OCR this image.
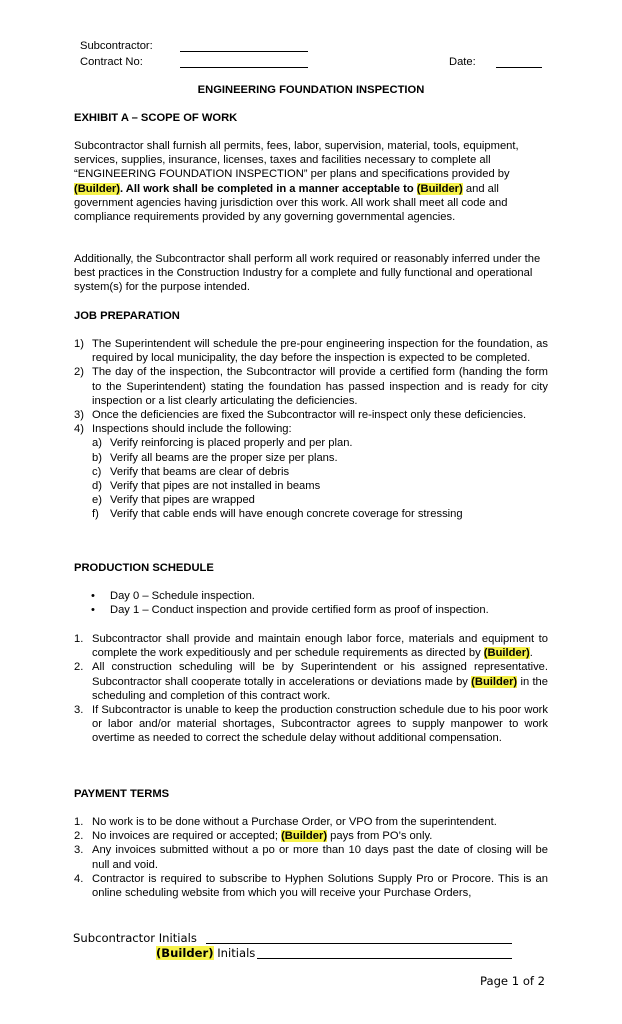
Subcontractor:
Contract No:	Date:
ENGINEERING FOUNDATION INSPECTION
EXHIBIT A – SCOPE OF WORK
Subcontractor shall furnish all permits, fees, labor, supervision, material, tools, equipment, services, supplies, insurance, licenses, taxes and facilities necessary to complete all “ENGINEERING FOUNDATION INSPECTION” per plans and specifications provided by (Builder). All work shall be completed in a manner acceptable to (Builder) and all government agencies having jurisdiction over this work. All work shall meet all code and compliance requirements provided by any governing governmental agencies.
Additionally, the Subcontractor shall perform all work required or reasonably inferred under the best practices in the Construction Industry for a complete and fully functional and operational system(s) for the purpose intended.
JOB PREPARATION
1) The Superintendent will schedule the pre-pour engineering inspection for the foundation, as required by local municipality, the day before the inspection is expected to be completed.
2) The day of the inspection, the Subcontractor will provide a certified form (handing the form to the Superintendent) stating the foundation has passed inspection and is ready for city inspection or a list clearly articulating the deficiencies.
3) Once the deficiencies are fixed the Subcontractor will re-inspect only these deficiencies.
4) Inspections should include the following:
a) Verify reinforcing is placed properly and per plan.
b) Verify all beams are the proper size per plans.
c) Verify that beams are clear of debris
d) Verify that pipes are not installed in beams
e) Verify that pipes are wrapped
f) Verify that cable ends will have enough concrete coverage for stressing
PRODUCTION SCHEDULE
• Day 0 – Schedule inspection.
• Day 1 – Conduct inspection and provide certified form as proof of inspection.
1. Subcontractor shall provide and maintain enough labor force, materials and equipment to complete the work expeditiously and per schedule requirements as directed by (Builder).
2. All construction scheduling will be by Superintendent or his assigned representative. Subcontractor shall cooperate totally in accelerations or deviations made by (Builder) in the scheduling and completion of this contract work.
3. If Subcontractor is unable to keep the production construction schedule due to his poor work or labor and/or material shortages, Subcontractor agrees to supply manpower to work overtime as needed to correct the schedule delay without additional compensation.
PAYMENT TERMS
1. No work is to be done without a Purchase Order, or VPO from the superintendent.
2. No invoices are required or accepted; (Builder) pays from PO’s only.
3. Any invoices submitted without a po or more than 10 days past the date of closing will be null and void.
4. Contractor is required to subscribe to Hyphen Solutions Supply Pro or Procore. This is an online scheduling website from which you will receive your Purchase Orders,
Subcontractor Initials
(Builder) Initials
Page 1 of 2
